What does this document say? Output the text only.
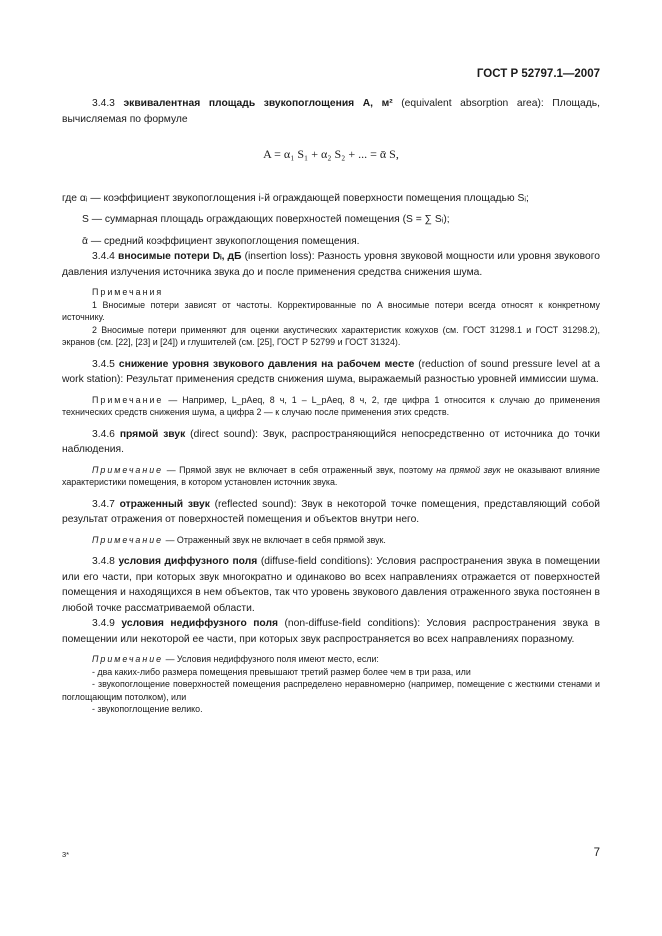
ГОСТ Р 52797.1—2007

3.4.3 эквивалентная площадь звукопоглощения A, м² (equivalent absorption area): Площадь, вычисляемая по формуле

A = α₁ S₁ + α₂ S₂ + ... = ᾱ S,

где αᵢ — коэффициент звукопоглощения i-й ограждающей поверхности помещения площадью Sᵢ;

S — суммарная площадь ограждающих поверхностей помещения (S = ∑ Sᵢ);

ᾱ — средний коэффициент звукопоглощения помещения.

3.4.4 вносимые потери Dᵢ, дБ (insertion loss): Разность уровня звуковой мощности или уровня звукового давления излучения источника звука до и после применения средства снижения шума.

Примечания

1 Вносимые потери зависят от частоты. Корректированные по A вносимые потери всегда относят к конкретному источнику.

2 Вносимые потери применяют для оценки акустических характеристик кожухов (см. ГОСТ 31298.1 и ГОСТ 31298.2), экранов (см. [22], [23] и [24]) и глушителей (см. [25], ГОСТ Р 52799 и ГОСТ 31324).

3.4.5 снижение уровня звукового давления на рабочем месте (reduction of sound pressure level at a work station): Результат применения средств снижения шума, выражаемый разностью уровней иммиссии шума.

Примечание — Например, L_pAeq, 8 ч, 1 – L_pAeq, 8 ч, 2, где цифра 1 относится к случаю до применения технических средств снижения шума, а цифра 2 — к случаю после применения этих средств.

3.4.6 прямой звук (direct sound): Звук, распространяющийся непосредственно от источника до точки наблюдения.

Примечание — Прямой звук не включает в себя отраженный звук, поэтому на прямой звук не оказывают влияние характеристики помещения, в котором установлен источник звука.

3.4.7 отраженный звук (reflected sound): Звук в некоторой точке помещения, представляющий собой результат отражения от поверхностей помещения и объектов внутри него.

Примечание — Отраженный звук не включает в себя прямой звук.

3.4.8 условия диффузного поля (diffuse-field conditions): Условия распространения звука в помещении или его части, при которых звук многократно и одинаково во всех направлениях отражается от поверхностей помещения и находящихся в нем объектов, так что уровень звукового давления отраженного звука постоянен в любой точке рассматриваемой области.

3.4.9 условия недиффузного поля (non-diffuse-field conditions): Условия распространения звука в помещении или некоторой ее части, при которых звук распространяется во всех направлениях поразному.

Примечание — Условия недиффузного поля имеют место, если:

- два каких-либо размера помещения превышают третий размер более чем в три раза, или

- звукопоглощение поверхностей помещения распределено неравномерно (например, помещение с жесткими стенами и поглощающим потолком), или

- звукопоглощение велико.

3*	7
